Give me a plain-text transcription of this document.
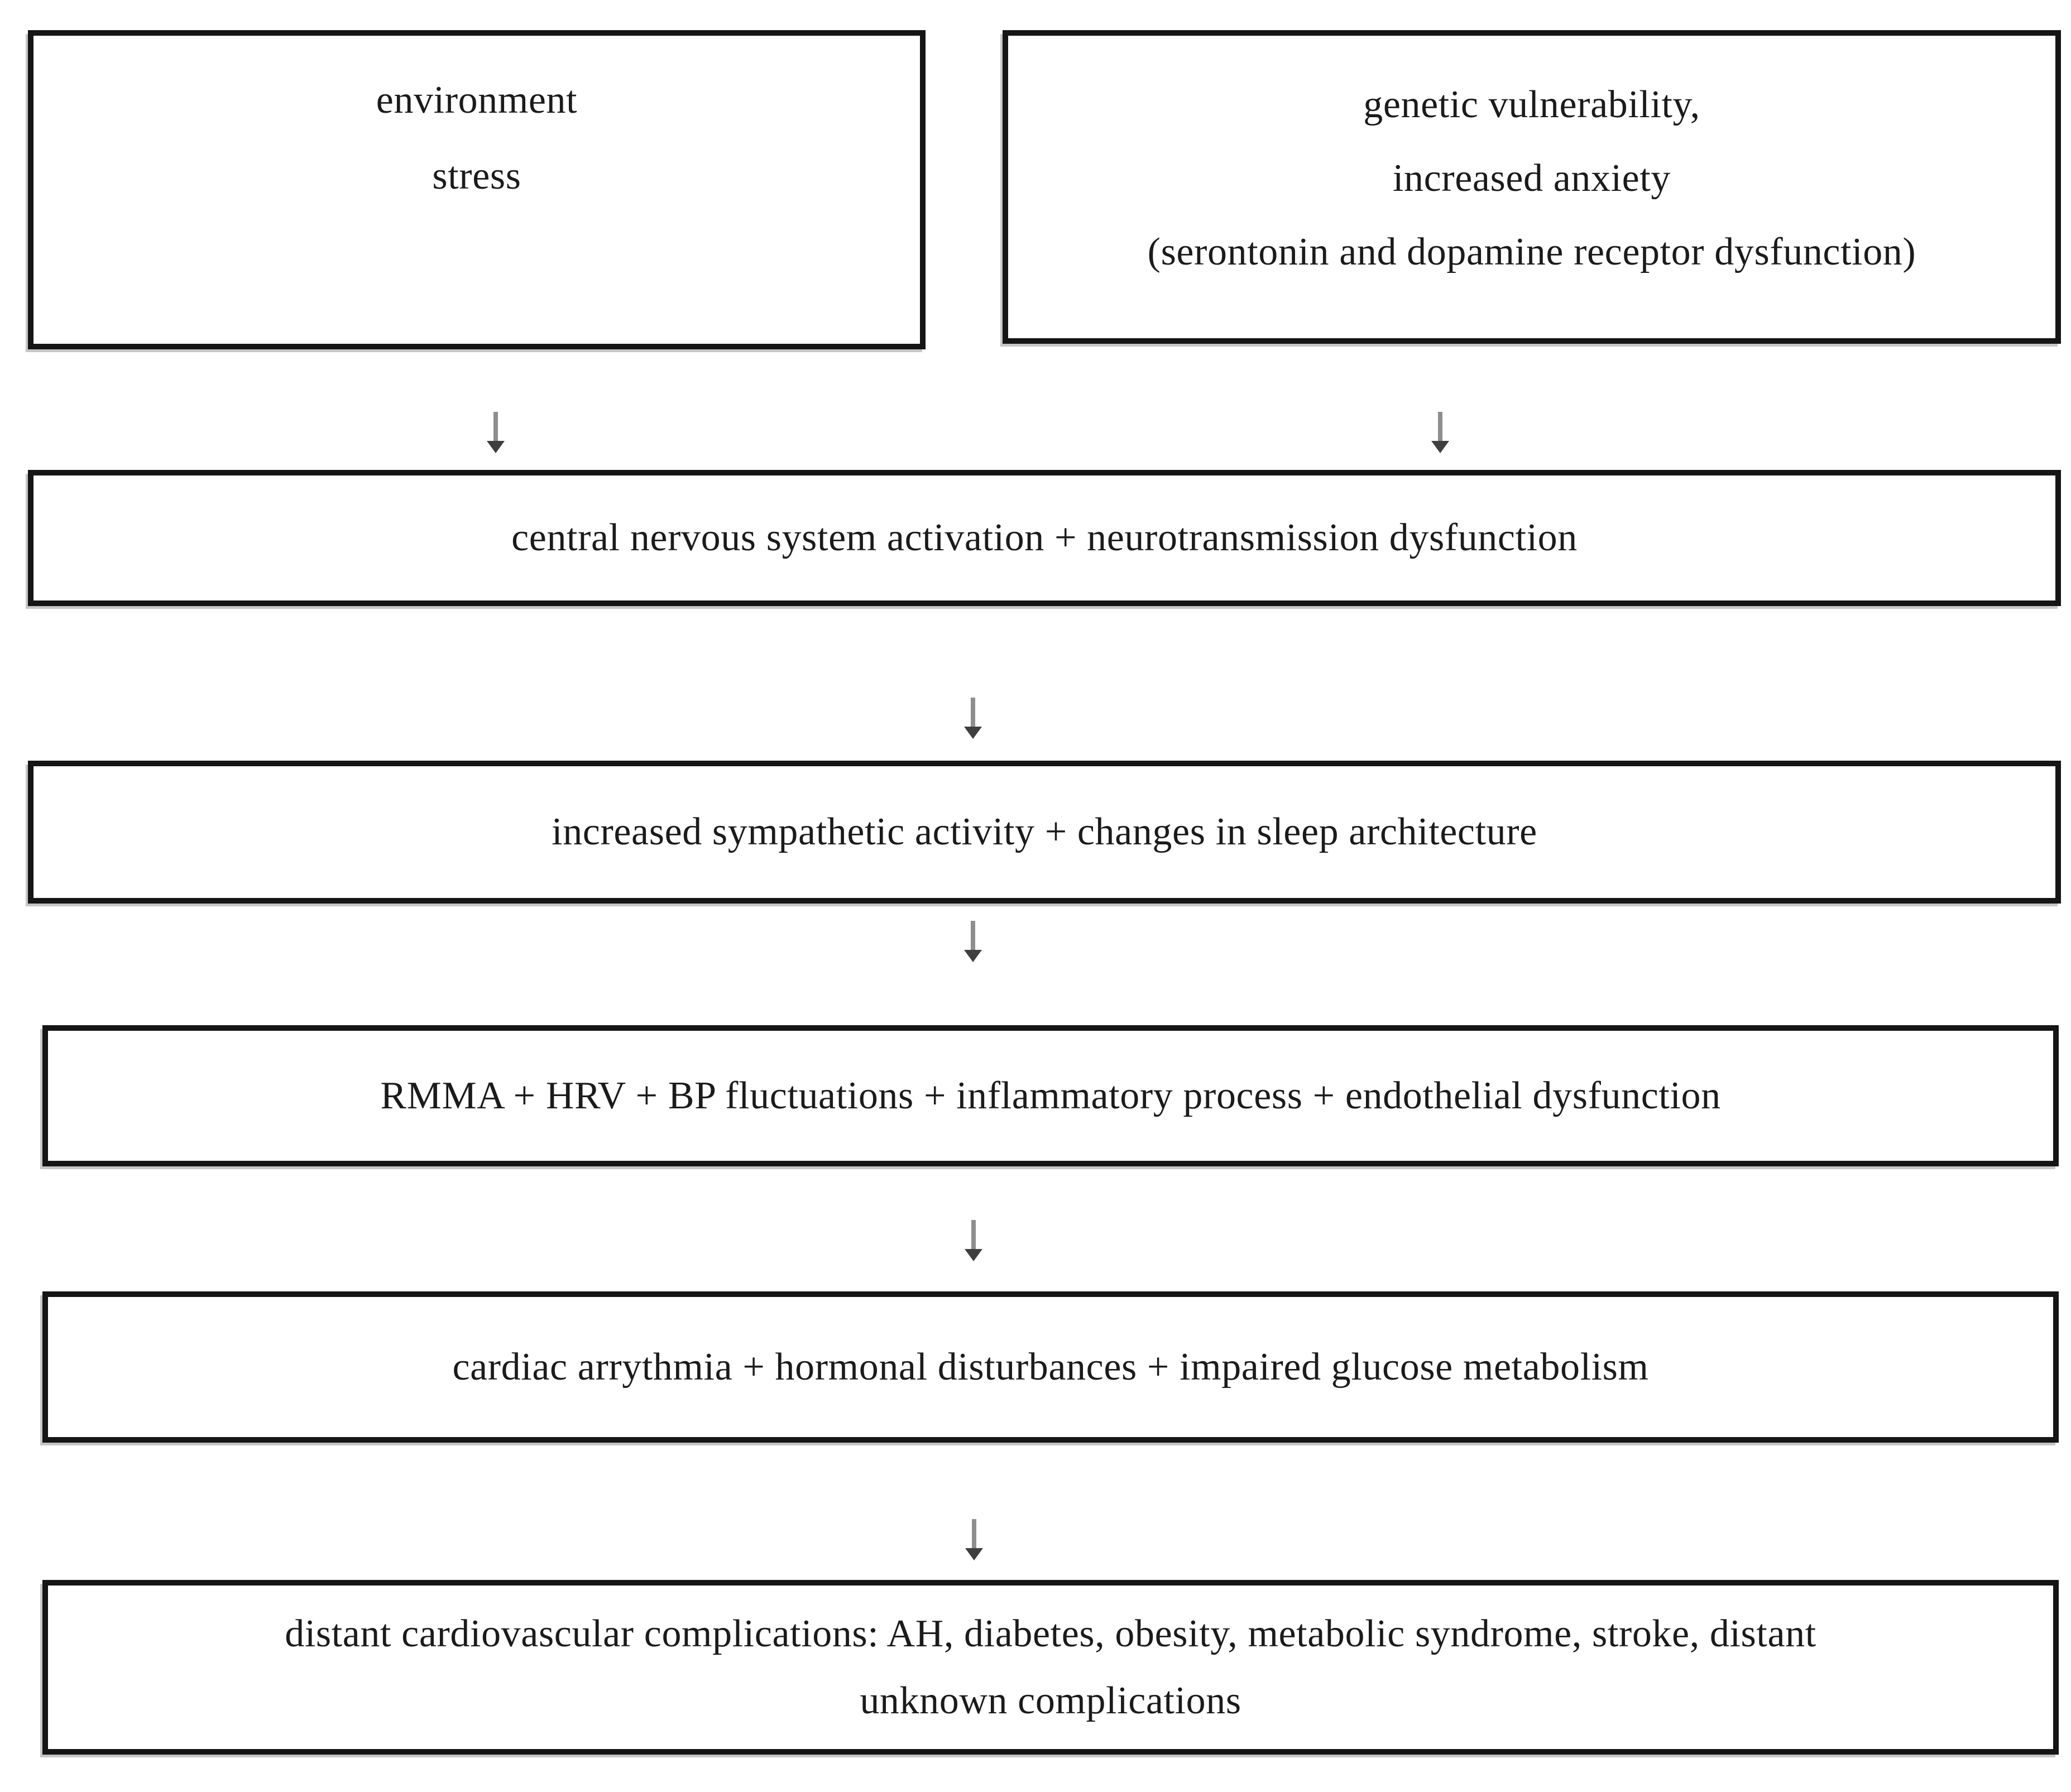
environment
stress
genetic vulnerability,
increased anxiety
(serontonin and dopamine receptor dysfunction)
central nervous system activation + neurotransmission dysfunction
increased sympathetic activity + changes in sleep architecture
RMMA + HRV + BP fluctuations + inflammatory process + endothelial dysfunction
cardiac arrythmia + hormonal disturbances + impaired glucose metabolism
distant cardiovascular complications: AH, diabetes, obesity, metabolic syndrome, stroke, distant
unknown complications
